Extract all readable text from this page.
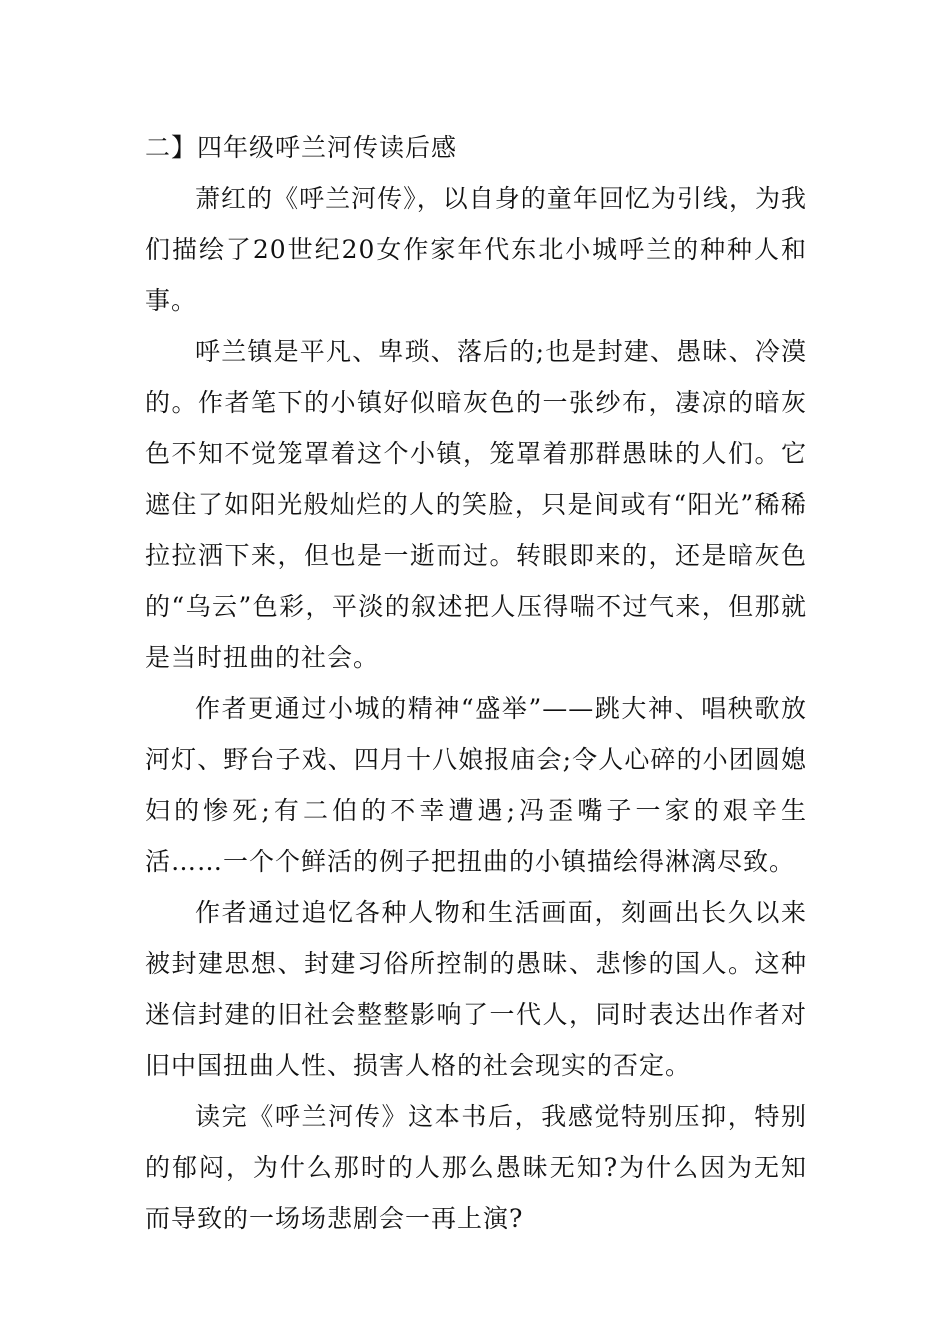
二】四年级呼兰河传读后感

萧红的《呼兰河传》，以自身的童年回忆为引线，为我们描绘了20世纪20女作家年代东北小城呼兰的种种人和事。

呼兰镇是平凡、卑琐、落后的;也是封建、愚昧、冷漠的。作者笔下的小镇好似暗灰色的一张纱布，凄凉的暗灰色不知不觉笼罩着这个小镇，笼罩着那群愚昧的人们。它遮住了如阳光般灿烂的人的笑脸，只是间或有“阳光”稀稀拉拉洒下来，但也是一逝而过。转眼即来的，还是暗灰色的“乌云”色彩，平淡的叙述把人压得喘不过气来，但那就是当时扭曲的社会。

作者更通过小城的精神“盛举”——跳大神、唱秧歌放河灯、野台子戏、四月十八娘报庙会;令人心碎的小团圆媳妇的惨死;有二伯的不幸遭遇;冯歪嘴子一家的艰辛生活……一个个鲜活的例子把扭曲的小镇描绘得淋漓尽致。

作者通过追忆各种人物和生活画面，刻画出长久以来被封建思想、封建习俗所控制的愚昧、悲惨的国人。这种迷信封建的旧社会整整影响了一代人，同时表达出作者对旧中国扭曲人性、损害人格的社会现实的否定。

读完《呼兰河传》这本书后，我感觉特别压抑，特别的郁闷，为什么那时的人那么愚昧无知?为什么因为无知而导致的一场场悲剧会一再上演?
